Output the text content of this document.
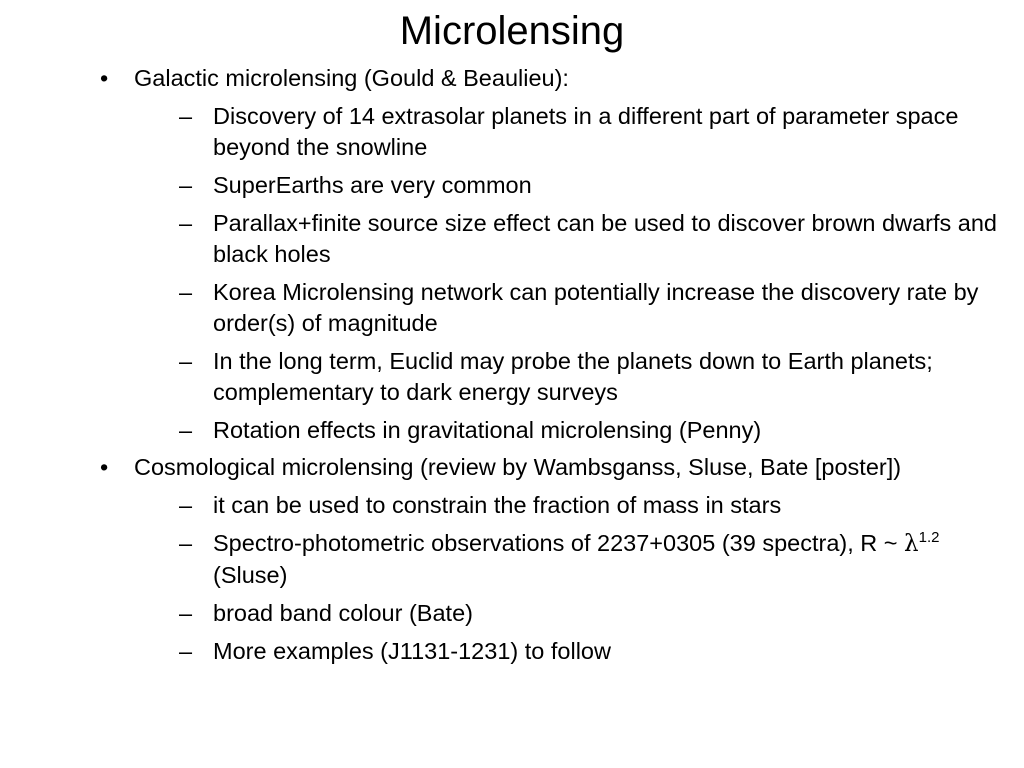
Microlensing
•	Galactic microlensing (Gould & Beaulieu):
– Discovery of 14 extrasolar planets in a different part of parameter space beyond the snowline
– SuperEarths are very common
– Parallax+finite source size effect can be used to discover brown dwarfs and black holes
– Korea Microlensing network can potentially increase the discovery rate by order(s) of magnitude
– In the long term, Euclid may probe the planets down to Earth planets; complementary to dark energy surveys
– Rotation effects in gravitational microlensing (Penny)
•	Cosmological microlensing (review by Wambsganss, Sluse, Bate [poster])
– it can be used to constrain the fraction of mass in stars
– Spectro-photometric observations of 2237+0305 (39 spectra), R ~ $\lambda^{1.2}$ (Sluse)
– broad band colour (Bate)
– More examples (J1131-1231) to follow
